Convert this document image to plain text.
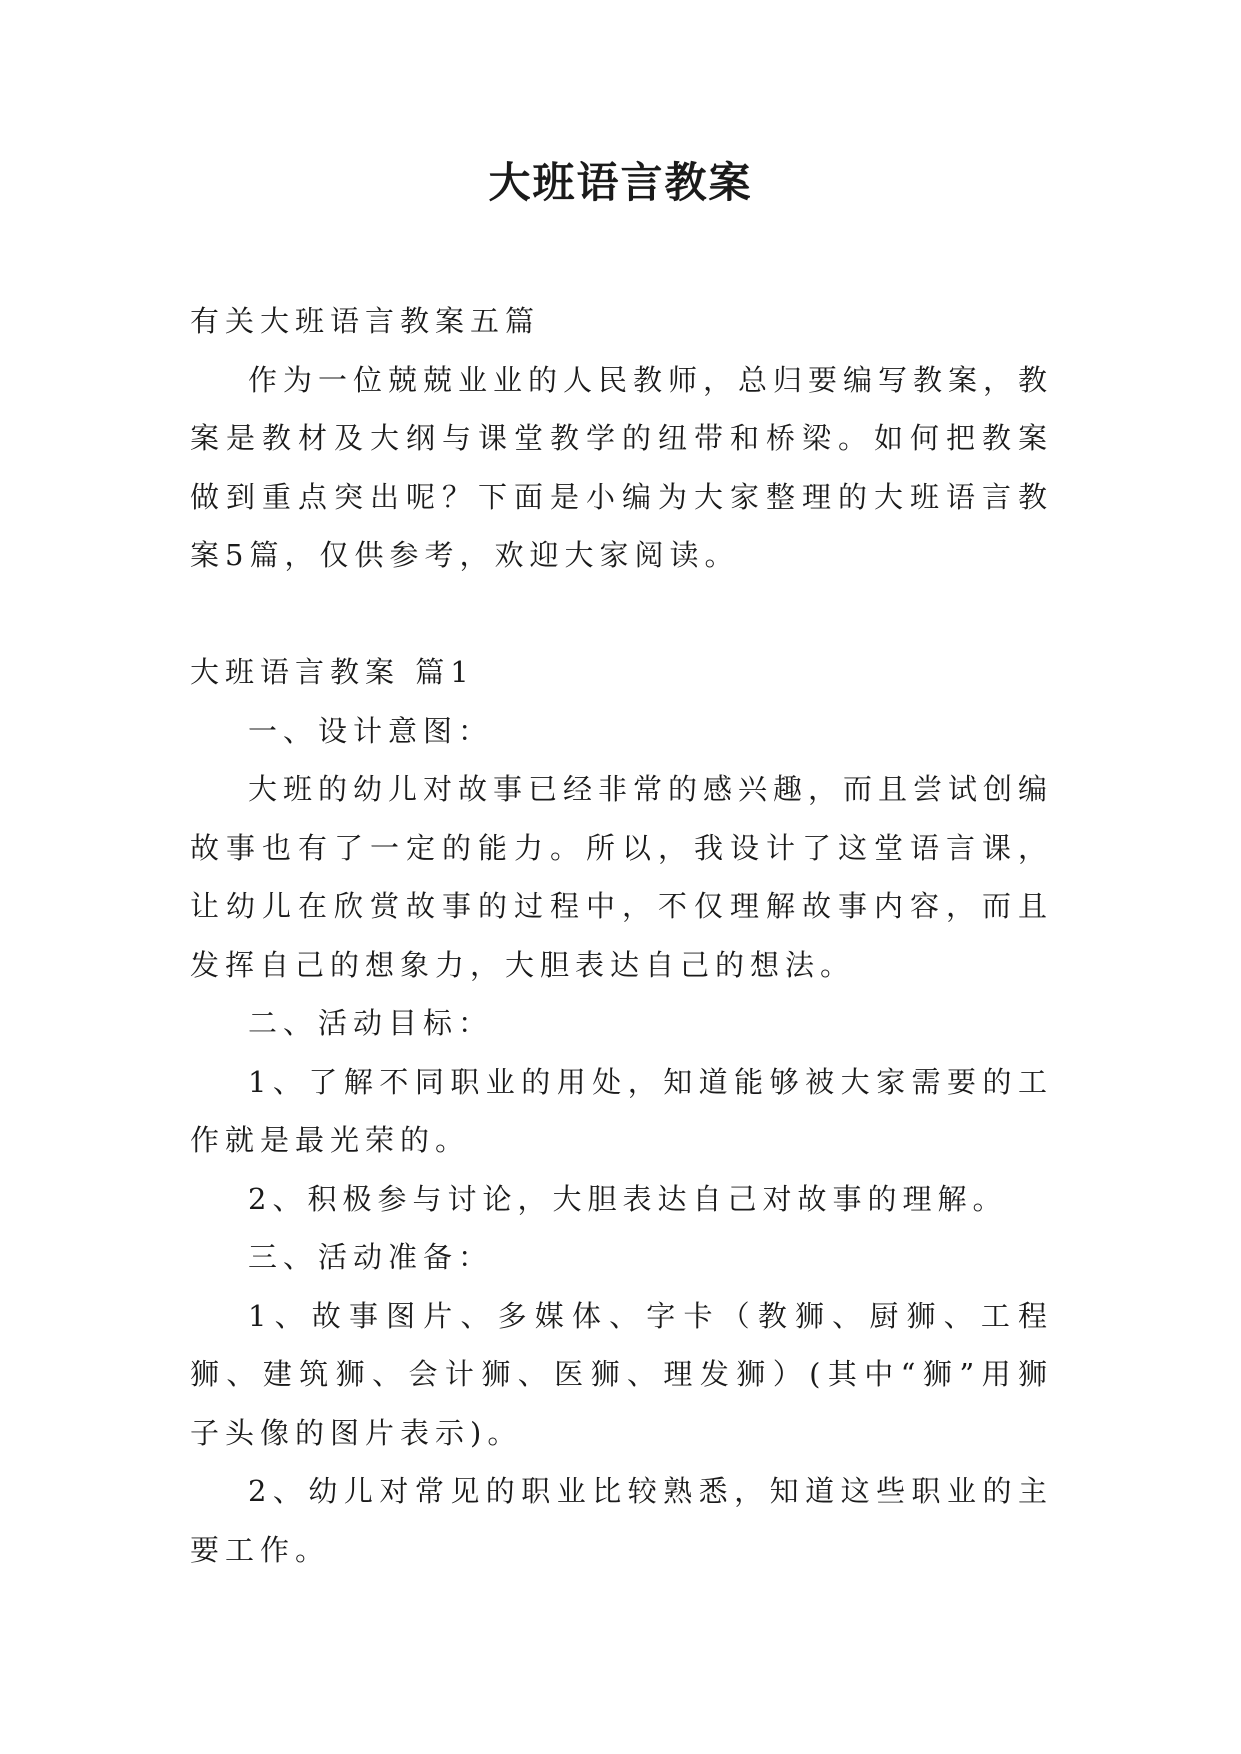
大班语言教案

有关大班语言教案五篇

作为一位兢兢业业的人民教师，总归要编写教案，教案是教材及大纲与课堂教学的纽带和桥梁。如何把教案做到重点突出呢？下面是小编为大家整理的大班语言教案5篇，仅供参考，欢迎大家阅读。

大班语言教案 篇1

一、设计意图：

大班的幼儿对故事已经非常的感兴趣，而且尝试创编故事也有了一定的能力。所以，我设计了这堂语言课，让幼儿在欣赏故事的过程中，不仅理解故事内容，而且发挥自己的想象力，大胆表达自己的想法。

二、活动目标：

1、了解不同职业的用处，知道能够被大家需要的工作就是最光荣的。

2、积极参与讨论，大胆表达自己对故事的理解。

三、活动准备：

1、故事图片、多媒体、字卡（教狮、厨狮、工程狮、建筑狮、会计狮、医狮、理发狮）(其中“狮”用狮子头像的图片表示)。

2、幼儿对常见的职业比较熟悉，知道这些职业的主要工作。
